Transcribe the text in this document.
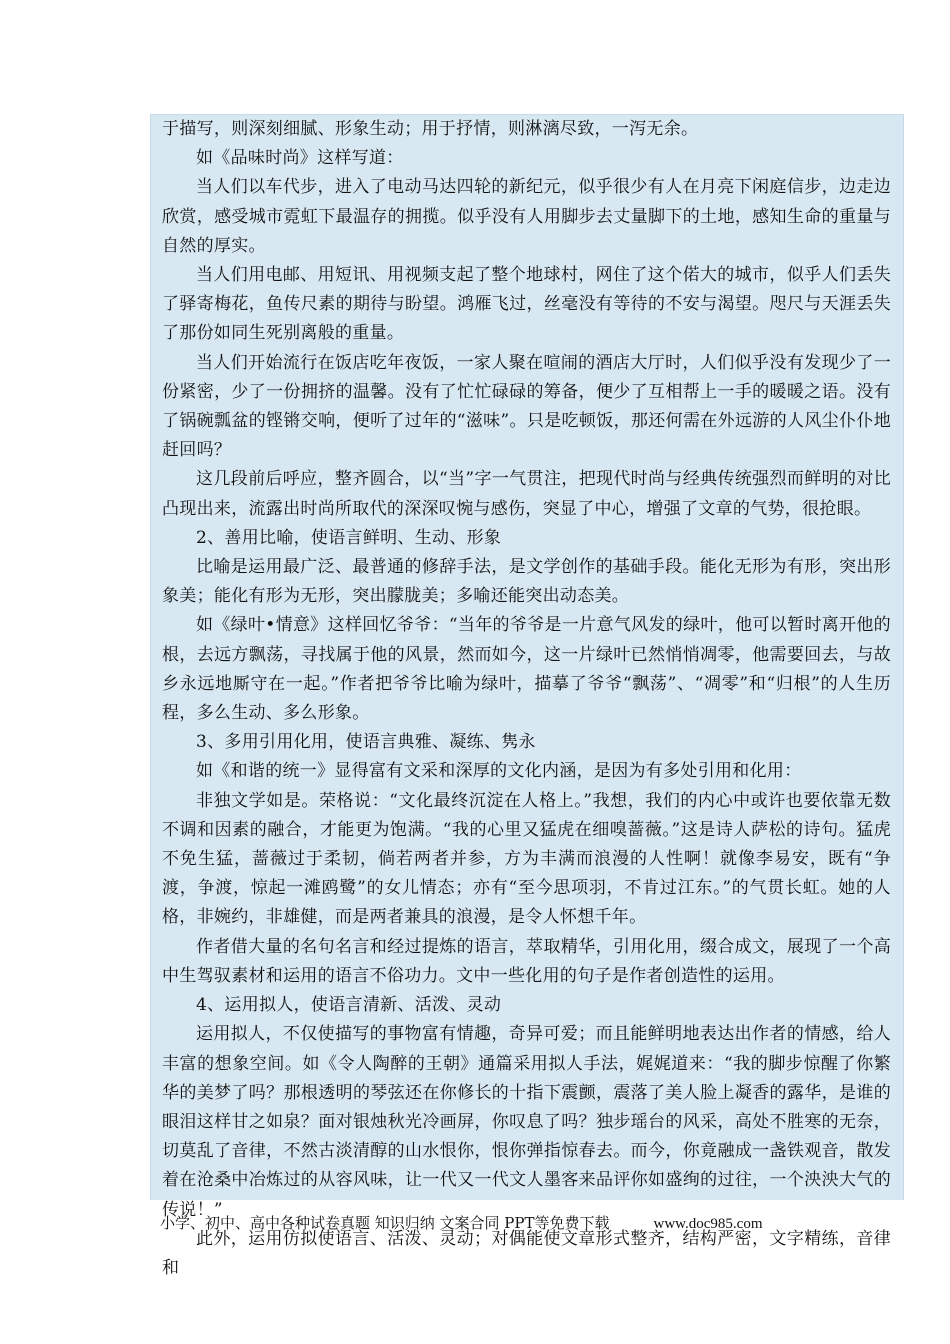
于描写，则深刻细腻、形象生动；用于抒情，则淋漓尽致，一泻无余。

如《品味时尚》这样写道：

当人们以车代步，进入了电动马达四轮的新纪元，似乎很少有人在月亮下闲庭信步，边走边欣赏，感受城市霓虹下最温存的拥揽。似乎没有人用脚步去丈量脚下的土地，感知生命的重量与自然的厚实。

当人们用电邮、用短讯、用视频支起了整个地球村，网住了这个偌大的城市，似乎人们丢失了驿寄梅花，鱼传尺素的期待与盼望。鸿雁飞过，丝毫没有等待的不安与渴望。咫尺与天涯丢失了那份如同生死别离般的重量。

当人们开始流行在饭店吃年夜饭，一家人聚在喧闹的酒店大厅时，人们似乎没有发现少了一份紧密，少了一份拥挤的温馨。没有了忙忙碌碌的筹备，便少了互相帮上一手的暖暖之语。没有了锅碗瓢盆的铿锵交响，便听了过年的“滋味”。只是吃顿饭，那还何需在外远游的人风尘仆仆地赶回吗？

这几段前后呼应，整齐圆合，以“当”字一气贯注，把现代时尚与经典传统强烈而鲜明的对比凸现出来，流露出时尚所取代的深深叹惋与感伤，突显了中心，增强了文章的气势，很抢眼。

2、善用比喻，使语言鲜明、生动、形象

比喻是运用最广泛、最普通的修辞手法，是文学创作的基础手段。能化无形为有形，突出形象美；能化有形为无形，突出朦胧美；多喻还能突出动态美。

如《绿叶•情意》这样回忆爷爷：“当年的爷爷是一片意气风发的绿叶，他可以暂时离开他的根，去远方飘荡，寻找属于他的风景，然而如今，这一片绿叶已然悄悄凋零，他需要回去，与故乡永远地厮守在一起。”作者把爷爷比喻为绿叶，描摹了爷爷“飘荡”、“凋零”和“归根”的人生历程，多么生动、多么形象。

3、多用引用化用，使语言典雅、凝练、隽永

如《和谐的统一》显得富有文采和深厚的文化内涵，是因为有多处引用和化用：

非独文学如是。荣格说：“文化最终沉淀在人格上。”我想，我们的内心中或许也要依靠无数不调和因素的融合，才能更为饱满。“我的心里又猛虎在细嗅蔷薇。”这是诗人萨松的诗句。猛虎不免生猛，蔷薇过于柔韧，倘若两者并参，方为丰满而浪漫的人性啊！就像李易安，既有“争渡，争渡，惊起一滩鸥鹭”的女儿情态；亦有“至今思项羽，不肯过江东。”的气贯长虹。她的人格，非婉约，非雄健，而是两者兼具的浪漫，是令人怀想千年。

作者借大量的名句名言和经过提炼的语言，萃取精华，引用化用，缀合成文，展现了一个高中生驾驭素材和运用的语言不俗功力。文中一些化用的句子是作者创造性的运用。

4、运用拟人，使语言清新、活泼、灵动

运用拟人，不仅使描写的事物富有情趣，奇异可爱；而且能鲜明地表达出作者的情感，给人丰富的想象空间。如《令人陶醉的王朝》通篇采用拟人手法，娓娓道来：“我的脚步惊醒了你繁华的美梦了吗？那根透明的琴弦还在你修长的十指下震颤，震落了美人脸上凝香的露华，是谁的眼泪这样甘之如泉？面对银烛秋光冷画屏，你叹息了吗？独步瑶台的风采，高处不胜寒的无奈，切莫乱了音律，不然古淡清醇的山水恨你，恨你弹指惊春去。而今，你竟融成一盏铁观音，散发着在沧桑中冶炼过的从容风味，让一代又一代文人墨客来品评你如盛绚的过往，一个泱泱大气的传说！”

此外，运用仿拟使语言、活泼、灵动；对偶能使文章形式整齐，结构严密，文字精练，音律和

小学、初中、高中各种试卷真题 知识归纳 文案合同 PPT等免费下载	www.doc985.com
